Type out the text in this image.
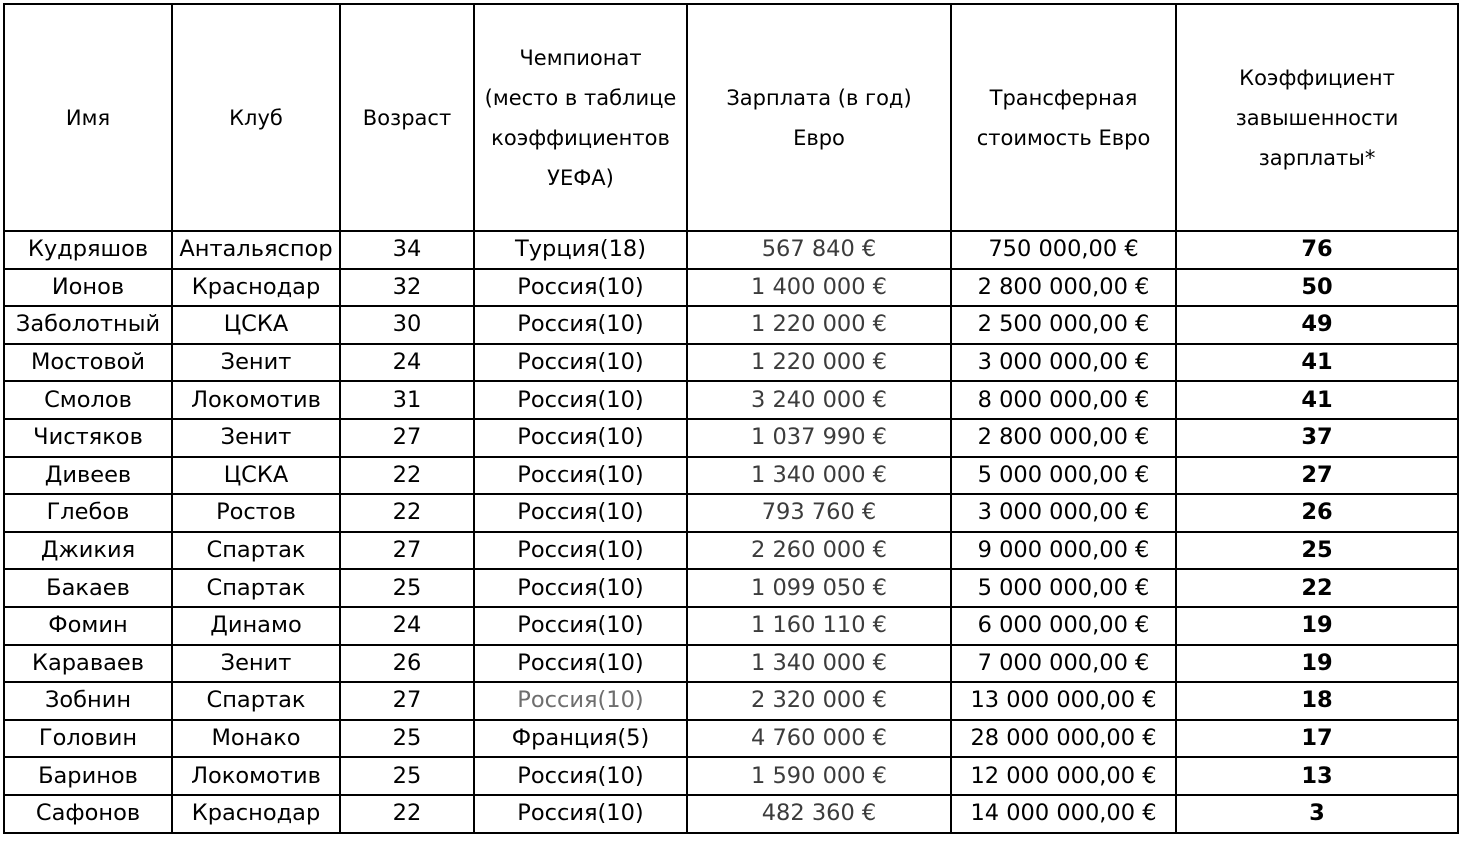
Имя	Клуб	Возраст	Чемпионат (место в таблице коэффициентов УЕФА)	Зарплата (в год) Евро	Трансферная стоимость Евро	Коэффициент завышенности зарплаты*

Кудряшов	Антальяспор	34	Турция(18)	567 840 €	750 000,00 €	76
Ионов	Краснодар	32	Россия(10)	1 400 000 €	2 800 000,00 €	50
Заболотный	ЦСКА	30	Россия(10)	1 220 000 €	2 500 000,00 €	49
Мостовой	Зенит	24	Россия(10)	1 220 000 €	3 000 000,00 €	41
Смолов	Локомотив	31	Россия(10)	3 240 000 €	8 000 000,00 €	41
Чистяков	Зенит	27	Россия(10)	1 037 990 €	2 800 000,00 €	37
Дивеев	ЦСКА	22	Россия(10)	1 340 000 €	5 000 000,00 €	27
Глебов	Ростов	22	Россия(10)	793 760 €	3 000 000,00 €	26
Джикия	Спартак	27	Россия(10)	2 260 000 €	9 000 000,00 €	25
Бакаев	Спартак	25	Россия(10)	1 099 050 €	5 000 000,00 €	22
Фомин	Динамо	24	Россия(10)	1 160 110 €	6 000 000,00 €	19
Караваев	Зенит	26	Россия(10)	1 340 000 €	7 000 000,00 €	19
Зобнин	Спартак	27	Россия(10)	2 320 000 €	13 000 000,00 €	18
Головин	Монако	25	Франция(5)	4 760 000 €	28 000 000,00 €	17
Баринов	Локомотив	25	Россия(10)	1 590 000 €	12 000 000,00 €	13
Сафонов	Краснодар	22	Россия(10)	482 360 €	14 000 000,00 €	3
